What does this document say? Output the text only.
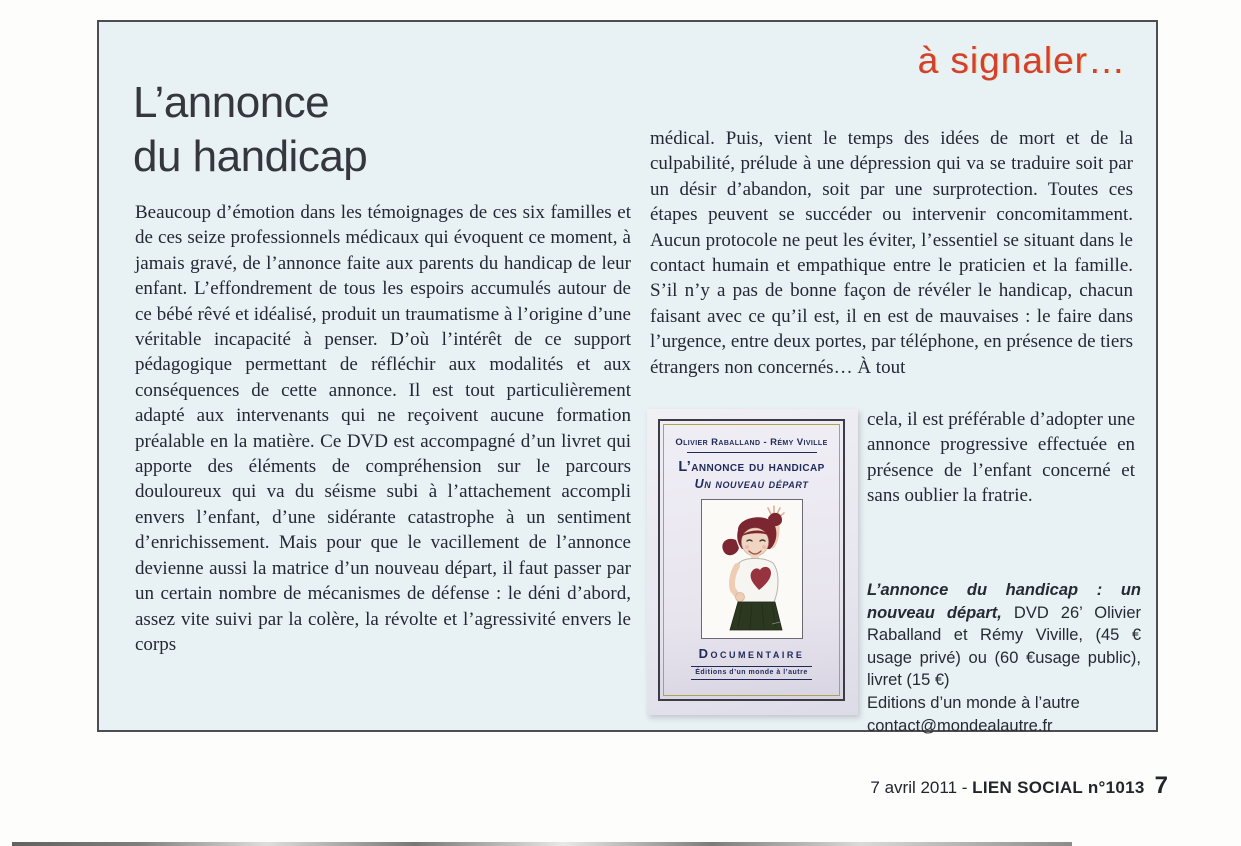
à signaler…
L’annonce
du handicap
Beaucoup d’émotion dans les témoignages de ces six familles et de ces seize professionnels médicaux qui évoquent ce moment, à jamais gravé, de l’annonce faite aux parents du handicap de leur enfant. L’effondrement de tous les espoirs accumulés autour de ce bébé rêvé et idéalisé, produit un traumatisme à l’origine d’une véritable incapacité à penser. D’où l’intérêt de ce support pédagogique permettant de réfléchir aux modalités et aux conséquences de cette annonce. Il est tout particulièrement adapté aux intervenants qui ne reçoivent aucune formation préalable en la matière. Ce DVD est accompagné d’un livret qui apporte des éléments de compréhension sur le parcours douloureux qui va du séisme subi à l’attachement accompli envers l’enfant, d’une sidérante catastrophe à un sentiment d’enrichissement. Mais pour que le vacillement de l’annonce devienne aussi la matrice d’un nouveau départ, il faut passer par un certain nombre de mécanismes de défense : le déni d’abord, assez vite suivi par la colère, la révolte et l’agressivité envers le corps
médical. Puis, vient le temps des idées de mort et de la culpabilité, prélude à une dépression qui va se traduire soit par un désir d’abandon, soit par une surprotection. Toutes ces étapes peuvent se succéder ou intervenir concomitamment. Aucun protocole ne peut les éviter, l’essentiel se situant dans le contact humain et empathique entre le praticien et la famille. S’il n’y a pas de bonne façon de révéler le handicap, chacun faisant avec ce qu’il est, il en est de mauvaises : le faire dans l’urgence, entre deux portes, par téléphone, en présence de tiers étrangers non concernés… À tout
cela, il est préférable d’adopter une annonce progressive effectuée en présence de l’enfant concerné et sans oublier la fratrie.
Olivier Raballand - Rémy Viville
L’annonce du handicap
Un nouveau départ
Documentaire
Éditions d’un monde à l’autre

L’annonce du handicap : un nouveau départ, DVD 26’ Olivier Raballand et Rémy Viville, (45 € usage privé) ou (60 €usage public), livret (15 €)

Editions d’un monde à l’autre

contact@mondealautre.fr

7 avril 2011 - LIEN SOCIAL n°1013 7
